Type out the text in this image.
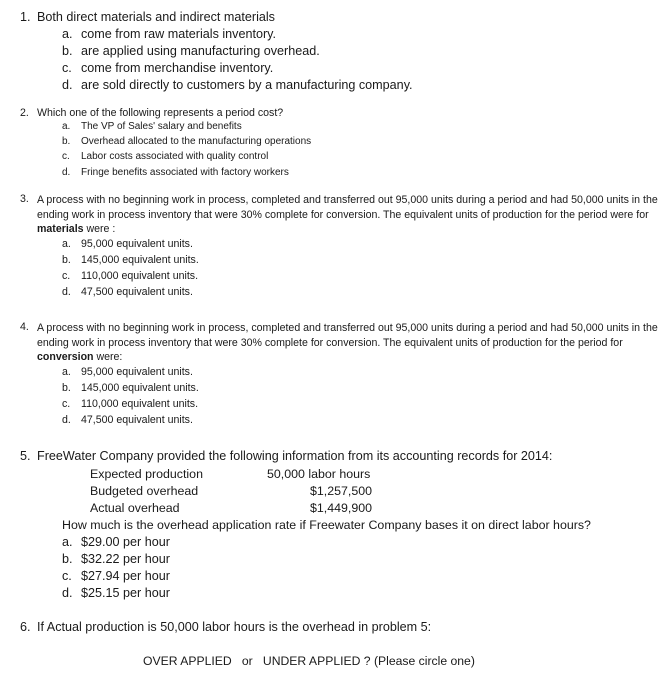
1. Both direct materials and indirect materials
a. come from raw materials inventory.
b. are applied using manufacturing overhead.
c. come from merchandise inventory.
d. are sold directly to customers by a manufacturing company.
2. Which one of the following represents a period cost?
a. The VP of Sales' salary and benefits
b. Overhead allocated to the manufacturing operations
c. Labor costs associated with quality control
d. Fringe benefits associated with factory workers
3. A process with no beginning work in process, completed and transferred out 95,000 units during a period and had 50,000 units in the ending work in process inventory that were 30% complete for conversion. The equivalent units of production for the period were for materials were :
a. 95,000 equivalent units.
b. 145,000 equivalent units.
c. 110,000 equivalent units.
d. 47,500 equivalent units.
4. A process with no beginning work in process, completed and transferred out 95,000 units during a period and had 50,000 units in the ending work in process inventory that were 30% complete for conversion. The equivalent units of production for the period for conversion were:
a. 95,000 equivalent units.
b. 145,000 equivalent units.
c. 110,000 equivalent units.
d. 47,500 equivalent units.
5. FreeWater Company provided the following information from its accounting records for 2014:
Expected production	50,000 labor hours
Budgeted overhead	$1,257,500
Actual overhead	$1,449,900
How much is the overhead application rate if Freewater Company bases it on direct labor hours?
a. $29.00 per hour
b. $32.22 per hour
c. $27.94 per hour
d. $25.15 per hour
6. If Actual production is 50,000 labor hours is the overhead in problem 5:
OVER APPLIED   or   UNDER APPLIED ? (Please circle one)
